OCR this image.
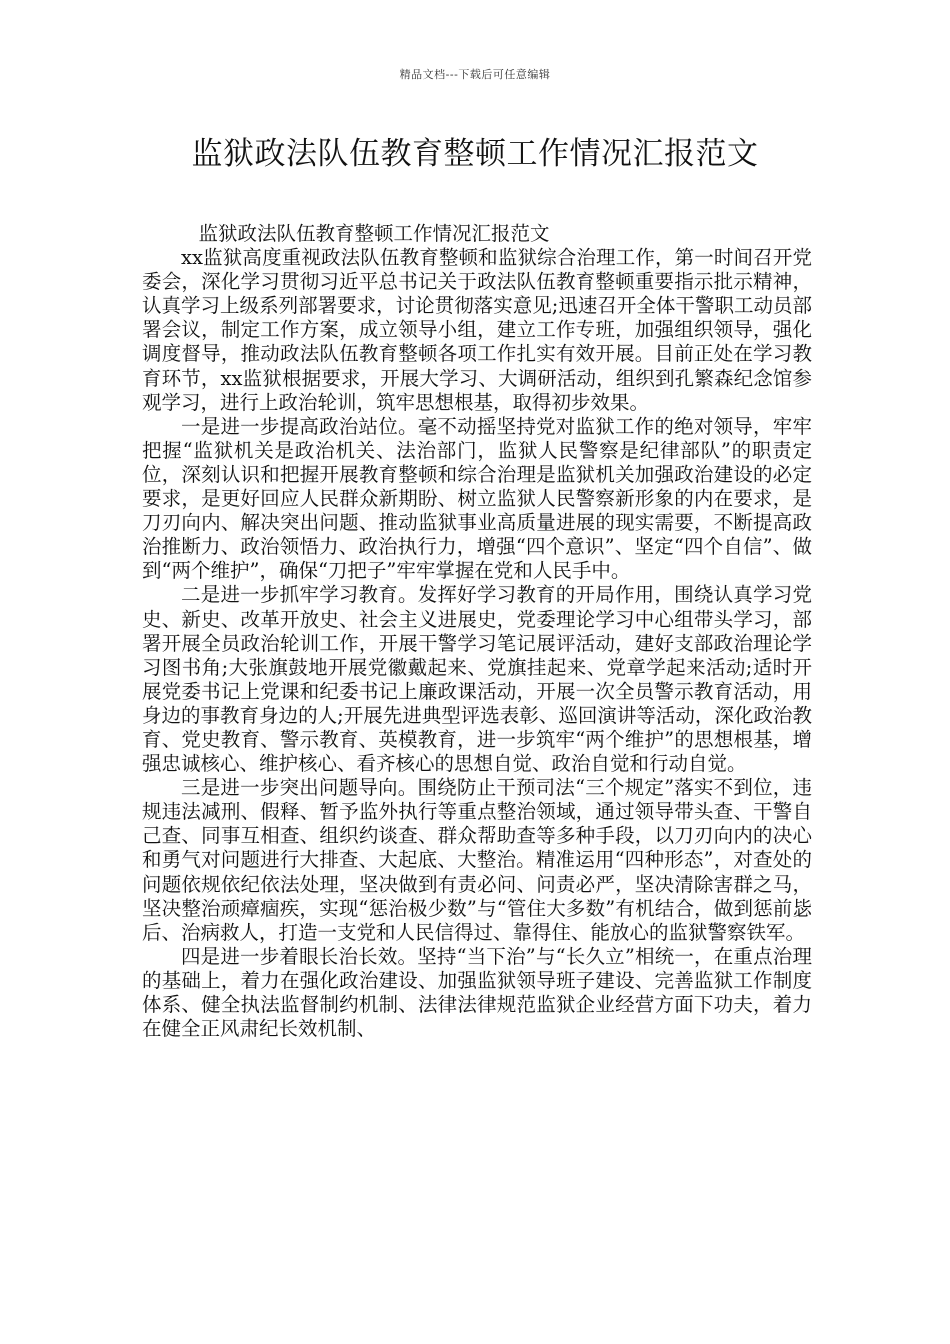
精品文档---下载后可任意编辑
监狱政法队伍教育整顿工作情况汇报范文

监狱政法队伍教育整顿工作情况汇报范文

xx监狱高度重视政法队伍教育整顿和监狱综合治理工作，第一时间召开党委会，深化学习贯彻习近平总书记关于政法队伍教育整顿重要指示批示精神，认真学习上级系列部署要求，讨论贯彻落实意见;迅速召开全体干警职工动员部署会议，制定工作方案，成立领导小组，建立工作专班，加强组织领导，强化调度督导，推动政法队伍教育整顿各项工作扎实有效开展。目前正处在学习教育环节，xx监狱根据要求，开展大学习、大调研活动，组织到孔繁森纪念馆参观学习，进行上政治轮训，筑牢思想根基，取得初步效果。

一是进一步提高政治站位。毫不动摇坚持党对监狱工作的绝对领导，牢牢把握“监狱机关是政治机关、法治部门，监狱人民警察是纪律部队”的职责定位，深刻认识和把握开展教育整顿和综合治理是监狱机关加强政治建设的必定要求，是更好回应人民群众新期盼、树立监狱人民警察新形象的内在要求，是刀刃向内、解决突出问题、推动监狱事业高质量进展的现实需要，不断提高政治推断力、政治领悟力、政治执行力，增强“四个意识”、坚定“四个自信”、做到“两个维护”，确保“刀把子”牢牢掌握在党和人民手中。

二是进一步抓牢学习教育。发挥好学习教育的开局作用，围绕认真学习党史、新史、改革开放史、社会主义进展史，党委理论学习中心组带头学习，部署开展全员政治轮训工作，开展干警学习笔记展评活动，建好支部政治理论学习图书角;大张旗鼓地开展党徽戴起来、党旗挂起来、党章学起来活动;适时开展党委书记上党课和纪委书记上廉政课活动，开展一次全员警示教育活动，用身边的事教育身边的人;开展先进典型评选表彰、巡回演讲等活动，深化政治教育、党史教育、警示教育、英模教育，进一步筑牢“两个维护”的思想根基，增强忠诚核心、维护核心、看齐核心的思想自觉、政治自觉和行动自觉。

三是进一步突出问题导向。围绕防止干预司法“三个规定”落实不到位，违规违法减刑、假释、暂予监外执行等重点整治领域，通过领导带头查、干警自己查、同事互相查、组织约谈查、群众帮助查等多种手段，以刀刃向内的决心和勇气对问题进行大排查、大起底、大整治。精准运用“四种形态”，对查处的问题依规依纪依法处理，坚决做到有责必问、问责必严，坚决清除害群之马，坚决整治顽瘴痼疾，实现“惩治极少数”与“管住大多数”有机结合，做到惩前毖后、治病救人，打造一支党和人民信得过、靠得住、能放心的监狱警察铁军。

四是进一步着眼长治长效。坚持“当下治”与“长久立”相统一，在重点治理的基础上，着力在强化政治建设、加强监狱领导班子建设、完善监狱工作制度体系、健全执法监督制约机制、法律法律规范监狱企业经营方面下功夫，着力在健全正风肃纪长效机制、
